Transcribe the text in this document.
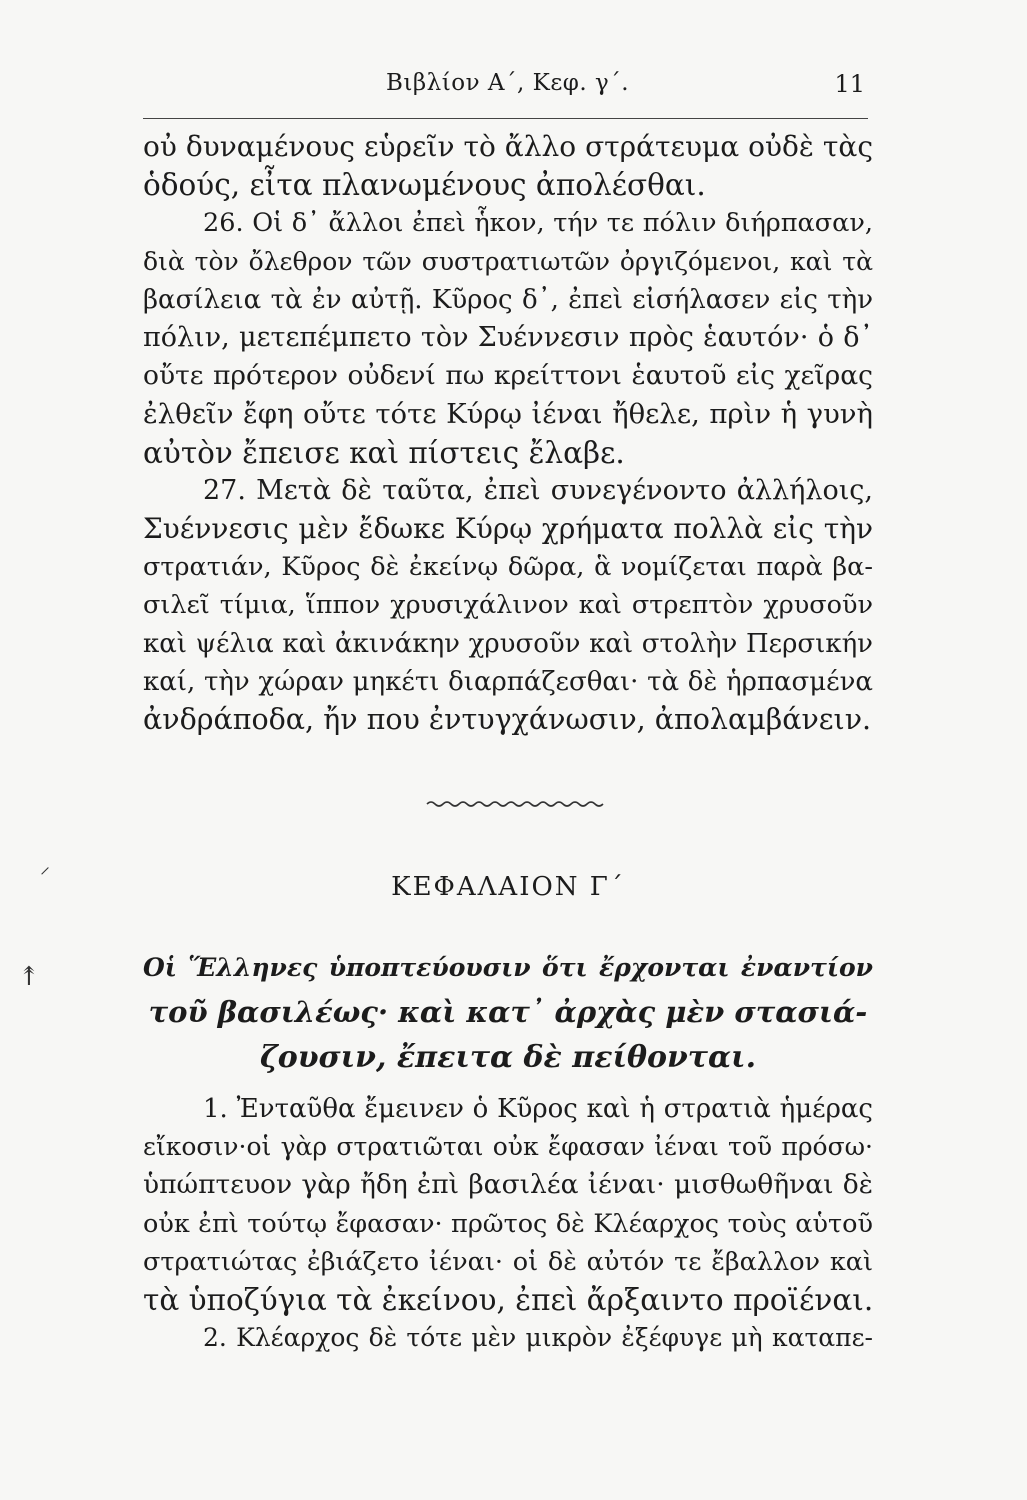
Βιβλίον Α΄, Κεφ. γ΄.	11
οὐ δυναμένους εὑρεῖν τὸ ἄλλο στράτευμα οὐδὲ τὰς
ὁδούς, εἶτα πλανωμένους ἀπολέσθαι.
26. Οἱ δ᾽ ἄλλοι ἐπεὶ ἧκον, τήν τε πόλιν διήρπασαν,
διὰ τὸν ὄλεθρον τῶν συστρατιωτῶν ὀργιζόμενοι, καὶ τὰ
βασίλεια τὰ ἐν αὐτῇ. Κῦρος δ᾽, ἐπεὶ εἰσήλασεν εἰς τὴν
πόλιν, μετεπέμπετο τὸν Συέννεσιν πρὸς ἑαυτόν· ὁ δ᾽
οὔτε πρότερον οὐδενί πω κρείττονι ἑαυτοῦ εἰς χεῖρας
ἐλθεῖν ἔφη οὔτε τότε Κύρῳ ἰέναι ἤθελε, πρὶν ἡ γυνὴ
αὐτὸν ἔπεισε καὶ πίστεις ἔλαβε.
27. Μετὰ δὲ ταῦτα, ἐπεὶ συνεγένοντο ἀλλήλοις,
Συέννεσις μὲν ἔδωκε Κύρῳ χρήματα πολλὰ εἰς τὴν
στρατιάν, Κῦρος δὲ ἐκείνῳ δῶρα, ἃ νομίζεται παρὰ βα-
σιλεῖ τίμια, ἵππον χρυσιχάλινον καὶ στρεπτὸν χρυσοῦν
καὶ ψέλια καὶ ἀκινάκην χρυσοῦν καὶ στολὴν Περσικήν
καί, τὴν χώραν μηκέτι διαρπάζεσθαι· τὰ δὲ ἡρπασμένα
ἀνδράποδα, ἤν που ἐντυγχάνωσιν, ἀπολαμβάνειν.
⸝
↟
ΚΕΦΑΛΑΙΟΝ Γ΄
Οἱ Ἕλληνες ὑποπτεύουσιν ὅτι ἔρχονται ἐναντίον
τοῦ βασιλέως· καὶ κατ᾽ ἀρχὰς μὲν στασιά-
ζουσιν, ἔπειτα δὲ πείθονται.
1. Ἐνταῦθα ἔμεινεν ὁ Κῦρος καὶ ἡ στρατιὰ ἡμέρας
εἴκοσιν·οἱ γὰρ στρατιῶται οὐκ ἔφασαν ἰέναι τοῦ πρόσω·
ὑπώπτευον γὰρ ἤδη ἐπὶ βασιλέα ἰέναι· μισθωθῆναι δὲ
οὐκ ἐπὶ τούτῳ ἔφασαν· πρῶτος δὲ Κλέαρχος τοὺς αὑτοῦ
στρατιώτας ἐβιάζετο ἰέναι· οἱ δὲ αὐτόν τε ἔβαλλον καὶ
τὰ ὑποζύγια τὰ ἐκείνου, ἐπεὶ ἄρξαιντο προϊέναι.
2. Κλέαρχος δὲ τότε μὲν μικρὸν ἐξέφυγε μὴ καταπε-
